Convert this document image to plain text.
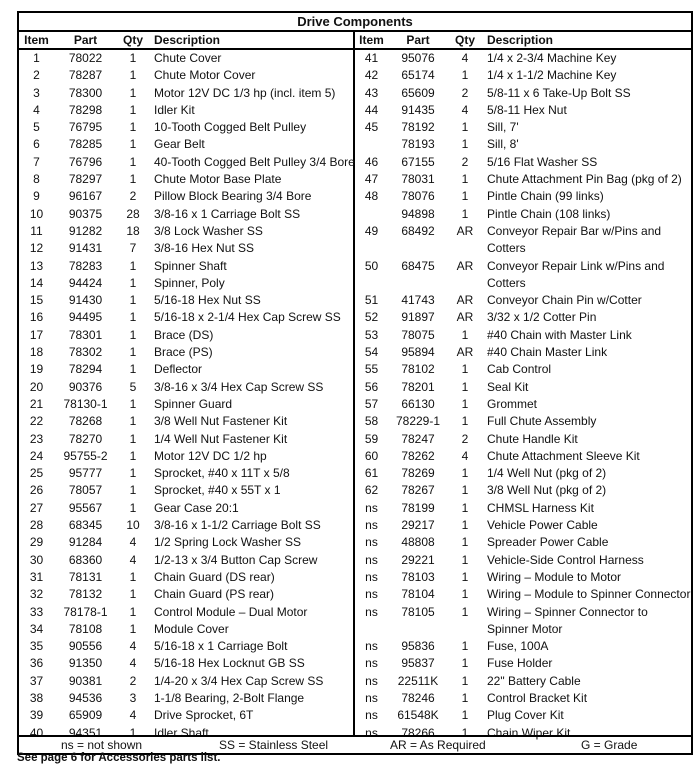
Drive Components
Item	Part	Qty Description	Item	Part	Qty	Description
1	78022	1	Chute Cover
2	78287	1	Chute Motor Cover
3	78300	1	Motor 12V DC 1/3 hp (incl. item 5)
4	78298	1	Idler Kit
5	76795	1	10-Tooth Cogged Belt Pulley
6	78285	1	Gear Belt
7	76796	1	40-Tooth Cogged Belt Pulley 3/4 Bore
8	78297	1	Chute Motor Base Plate
9	96167	2	Pillow Block Bearing 3/4 Bore
10	90375	28	3/8-16 x 1 Carriage Bolt SS
11	91282	18	3/8 Lock Washer SS
12	91431	7	3/8-16 Hex Nut SS
13	78283	1	Spinner Shaft
14	94424	1	Spinner, Poly
15	91430	1	5/16-18 Hex Nut SS
16	94495	1	5/16-18 x 2-1/4 Hex Cap Screw SS
17	78301	1	Brace (DS)
18	78302	1	Brace (PS)
19	78294	1	Deflector
20	90376	5	3/8-16 x 3/4 Hex Cap Screw SS
21	78130-1	1	Spinner Guard
22	78268	1	3/8 Well Nut Fastener Kit
23	78270	1	1/4 Well Nut Fastener Kit
24	95755-2	1	Motor 12V DC 1/2 hp
25	95777	1	Sprocket, #40 x 11T x 5/8
26	78057	1	Sprocket, #40 x 55T x 1
27	95567	1	Gear Case 20:1
28	68345	10	3/8-16 x 1-1/2 Carriage Bolt SS
29	91284	4	1/2 Spring Lock Washer SS
30	68360	4	1/2-13 x 3/4 Button Cap Screw
31	78131	1	Chain Guard (DS rear)
32	78132	1	Chain Guard (PS rear)
33	78178-1	1	Control Module – Dual Motor
34	78108	1	Module Cover
35	90556	4	5/16-18 x 1 Carriage Bolt
36	91350	4	5/16-18 Hex Locknut GB SS
37	90381	2	1/4-20 x 3/4 Hex Cap Screw SS
38	94536	3	1-1/8 Bearing, 2-Bolt Flange
39	65909	4	Drive Sprocket, 6T
40	94351	1	Idler Shaft
41	95076	4	1/4 x 2-3/4 Machine Key
42	65174	1	1/4 x 1-1/2 Machine Key
43	65609	2	5/8-11 x 6 Take-Up Bolt SS
44	91435	4	5/8-11 Hex Nut
45	78192	1	Sill, 7'
78193	1	Sill, 8'
46	67155	2	5/16 Flat Washer SS
47	78031	1	Chute Attachment Pin Bag (pkg of 2)
48	78076	1	Pintle Chain (99 links)
94898	1	Pintle Chain (108 links)
49	68492	AR	Conveyor Repair Bar w/Pins and
Cotters
50	68475	AR	Conveyor Repair Link w/Pins and
Cotters
51	41743	AR	Conveyor Chain Pin w/Cotter
52	91897	AR	3/32 x 1/2 Cotter Pin
53	78075	1	#40 Chain with Master Link
54	95894	AR	#40 Chain Master Link
55	78102	1	Cab Control
56	78201	1	Seal Kit
57	66130	1	Grommet
58	78229-1	1	Full Chute Assembly
59	78247	2	Chute Handle Kit
60	78262	4	Chute Attachment Sleeve Kit
61	78269	1	1/4 Well Nut (pkg of 2)
62	78267	1	3/8 Well Nut (pkg of 2)
ns	78199	1	CHMSL Harness Kit
ns	29217	1	Vehicle Power Cable
ns	48808	1	Spreader Power Cable
ns	29221	1	Vehicle-Side Control Harness
ns	78103	1	Wiring – Module to Motor
ns	78104	1	Wiring – Module to Spinner Connector
ns	78105	1	Wiring – Spinner Connector to
Spinner Motor
ns	95836	1	Fuse, 100A
ns	95837	1	Fuse Holder
ns	22511K	1	22" Battery Cable
ns	78246	1	Control Bracket Kit
ns	61548K	1	Plug Cover Kit
ns	78266	1	Chain Wiper Kit
ns = not shown	SS = Stainless Steel	AR = As Required	G = Grade
See page 6 for Accessories parts list.
